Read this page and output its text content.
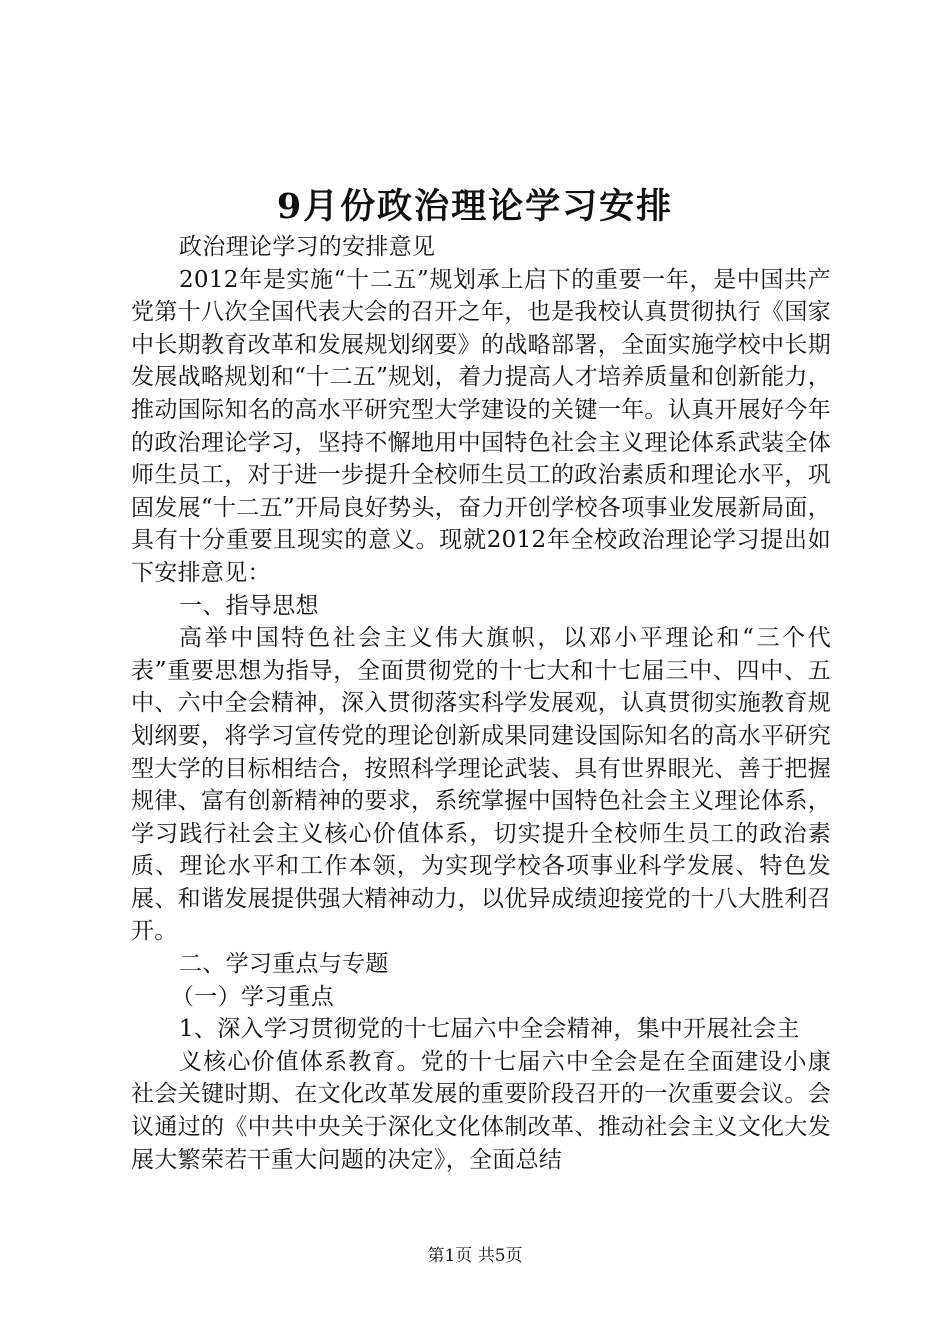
9月份政治理论学习安排

政治理论学习的安排意见

2012年是实施“十二五”规划承上启下的重要一年，是中国共产党第十八次全国代表大会的召开之年，也是我校认真贯彻执行《国家中长期教育改革和发展规划纲要》的战略部署，全面实施学校中长期发展战略规划和“十二五”规划，着力提高人才培养质量和创新能力，推动国际知名的高水平研究型大学建设的关键一年。认真开展好今年的政治理论学习，坚持不懈地用中国特色社会主义理论体系武装全体师生员工，对于进一步提升全校师生员工的政治素质和理论水平，巩固发展“十二五”开局良好势头，奋力开创学校各项事业发展新局面，具有十分重要且现实的意义。现就2012年全校政治理论学习提出如下安排意见：

一、指导思想

高举中国特色社会主义伟大旗帜，以邓小平理论和“三个代表”重要思想为指导，全面贯彻党的十七大和十七届三中、四中、五中、六中全会精神，深入贯彻落实科学发展观，认真贯彻实施教育规划纲要，将学习宣传党的理论创新成果同建设国际知名的高水平研究型大学的目标相结合，按照科学理论武装、具有世界眼光、善于把握规律、富有创新精神的要求，系统掌握中国特色社会主义理论体系，学习践行社会主义核心价值体系，切实提升全校师生员工的政治素质、理论水平和工作本领，为实现学校各项事业科学发展、特色发展、和谐发展提供强大精神动力，以优异成绩迎接党的十八大胜利召开。

二、学习重点与专题

（一）学习重点

1、深入学习贯彻党的十七届六中全会精神，集中开展社会主

义核心价值体系教育。党的十七届六中全会是在全面建设小康社会关键时期、在文化改革发展的重要阶段召开的一次重要会议。会议通过的《中共中央关于深化文化体制改革、推动社会主义文化大发展大繁荣若干重大问题的决定》，全面总结

第1页 共5页
